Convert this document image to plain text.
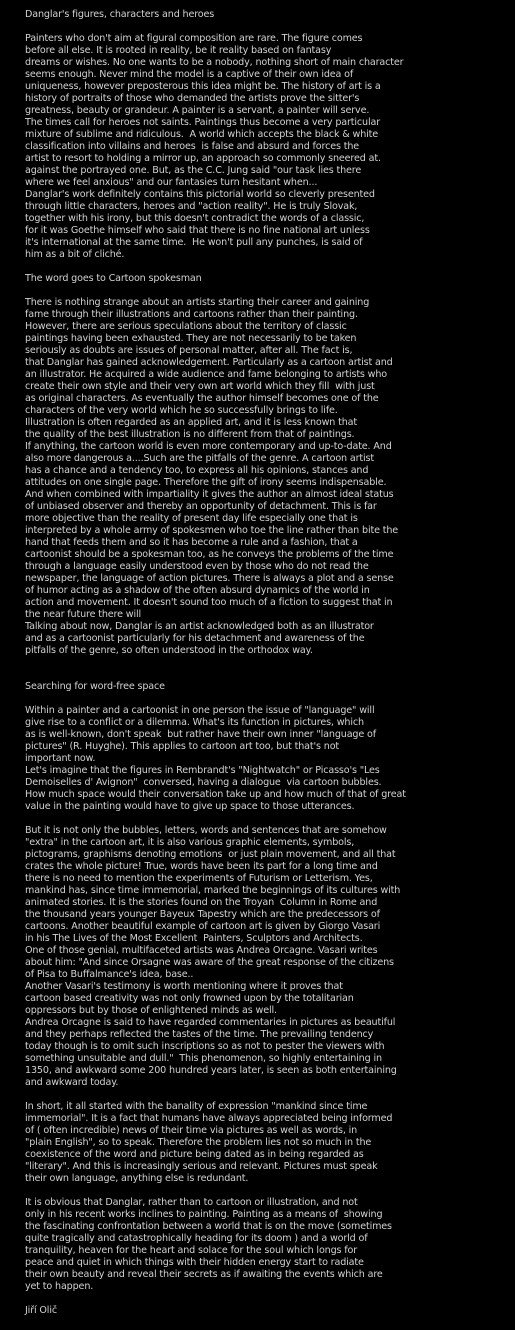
Danglar's figures, characters and heroes
Painters who don't aim at figural composition are rare. The figure comes
before all else. It is rooted in reality, be it reality based on fantasy
dreams or wishes. No one wants to be a nobody, nothing short of main character
seems enough. Never mind the model is a captive of their own idea of
uniqueness, however preposterous this idea might be. The history of art is a
history of portraits of those who demanded the artists prove the sitter's
greatness, beauty or grandeur. A painter is a servant, a painter will serve.
The times call for heroes not saints. Paintings thus become a very particular
mixture of sublime and ridiculous.  A world which accepts the black & white
classification into villains and heroes  is false and absurd and forces the
artist to resort to holding a mirror up, an approach so commonly sneered at.
against the portrayed one. But, as the C.C. Jung said "our task lies there
where we feel anxious" and our fantasies turn hesitant when...
Danglar's work definitely contains this pictorial world so cleverly presented
through little characters, heroes and "action reality". He is truly Slovak,
together with his irony, but this doesn't contradict the words of a classic,
for it was Goethe himself who said that there is no fine national art unless
it's international at the same time.  He won't pull any punches, is said of
him as a bit of cliché.
The word goes to Cartoon spokesman
There is nothing strange about an artists starting their career and gaining
fame through their illustrations and cartoons rather than their painting.
However, there are serious speculations about the territory of classic
paintings having been exhausted. They are not necessarily to be taken
seriously as doubts are issues of personal matter, after all. The fact is,
that Danglar has gained acknowledgement. Particularly as a cartoon artist and
an illustrator. He acquired a wide audience and fame belonging to artists who
create their own style and their very own art world which they fill  with just
as original characters. As eventually the author himself becomes one of the
characters of the very world which he so successfully brings to life.
Illustration is often regarded as an applied art, and it is less known that
the quality of the best illustration is no different from that of paintings.
If anything, the cartoon world is even more contemporary and up-to-date. And
also more dangerous a....Such are the pitfalls of the genre. A cartoon artist
has a chance and a tendency too, to express all his opinions, stances and
attitudes on one single page. Therefore the gift of irony seems indispensable.
And when combined with impartiality it gives the author an almost ideal status
of unbiased observer and thereby an opportunity of detachment. This is far
more objective than the reality of present day life especially one that is
interpreted by a whole army of spokesmen who toe the line rather than bite the
hand that feeds them and so it has become a rule and a fashion, that a
cartoonist should be a spokesman too, as he conveys the problems of the time
through a language easily understood even by those who do not read the
newspaper, the language of action pictures. There is always a plot and a sense
of humor acting as a shadow of the often absurd dynamics of the world in
action and movement. It doesn't sound too much of a fiction to suggest that in
the near future there will
Talking about now, Danglar is an artist acknowledged both as an illustrator
and as a cartoonist particularly for his detachment and awareness of the
pitfalls of the genre, so often understood in the orthodox way.
Searching for word-free space
Within a painter and a cartoonist in one person the issue of "language" will
give rise to a conflict or a dilemma. What's its function in pictures, which
as is well-known, don't speak  but rather have their own inner "language of
pictures" (R. Huyghe). This applies to cartoon art too, but that's not
important now.
Let's imagine that the figures in Rembrandt's "Nightwatch" or Picasso's "Les
Demoiselles d' Avignon"  conversed, having a dialogue  via cartoon bubbles.
How much space would their conversation take up and how much of that of great
value in the painting would have to give up space to those utterances.
But it is not only the bubbles, letters, words and sentences that are somehow
"extra" in the cartoon art, it is also various graphic elements, symbols,
pictograms, graphisms denoting emotions  or just plain movement, and all that
crates the whole picture! True, words have been its part for a long time and
there is no need to mention the experiments of Futurism or Letterism. Yes,
mankind has, since time immemorial, marked the beginnings of its cultures with
animated stories. It is the stories found on the Troyan  Column in Rome and
the thousand years younger Bayeux Tapestry which are the predecessors of
cartoons. Another beautiful example of cartoon art is given by Giorgo Vasari
in his The Lives of the Most Excellent  Painters, Sculptors and Architects.
One of those genial, multifaceted artists was Andrea Orcagne. Vasari writes
about him: "And since Orsagne was aware of the great response of the citizens
of Pisa to Buffalmance's idea, base..
Another Vasari's testimony is worth mentioning where it proves that
cartoon based creativity was not only frowned upon by the totalitarian
oppressors but by those of enlightened minds as well.
Andrea Orcagne is said to have regarded commentaries in pictures as beautiful
and they perhaps reflected the tastes of the time. The prevailing tendency
today though is to omit such inscriptions so as not to pester the viewers with
something unsuitable and dull."  This phenomenon, so highly entertaining in
1350, and awkward some 200 hundred years later, is seen as both entertaining
and awkward today.
In short, it all started with the banality of expression "mankind since time
immemorial". It is a fact that humans have always appreciated being informed
of ( often incredible) news of their time via pictures as well as words, in
"plain English", so to speak. Therefore the problem lies not so much in the
coexistence of the word and picture being dated as in being regarded as
"literary". And this is increasingly serious and relevant. Pictures must speak
their own language, anything else is redundant.
It is obvious that Danglar, rather than to cartoon or illustration, and not
only in his recent works inclines to painting. Painting as a means of  showing
the fascinating confrontation between a world that is on the move (sometimes
quite tragically and catastrophically heading for its doom ) and a world of
tranquility, heaven for the heart and solace for the soul which longs for
peace and quiet in which things with their hidden energy start to radiate
their own beauty and reveal their secrets as if awaiting the events which are
yet to happen.
Jiří Olič
